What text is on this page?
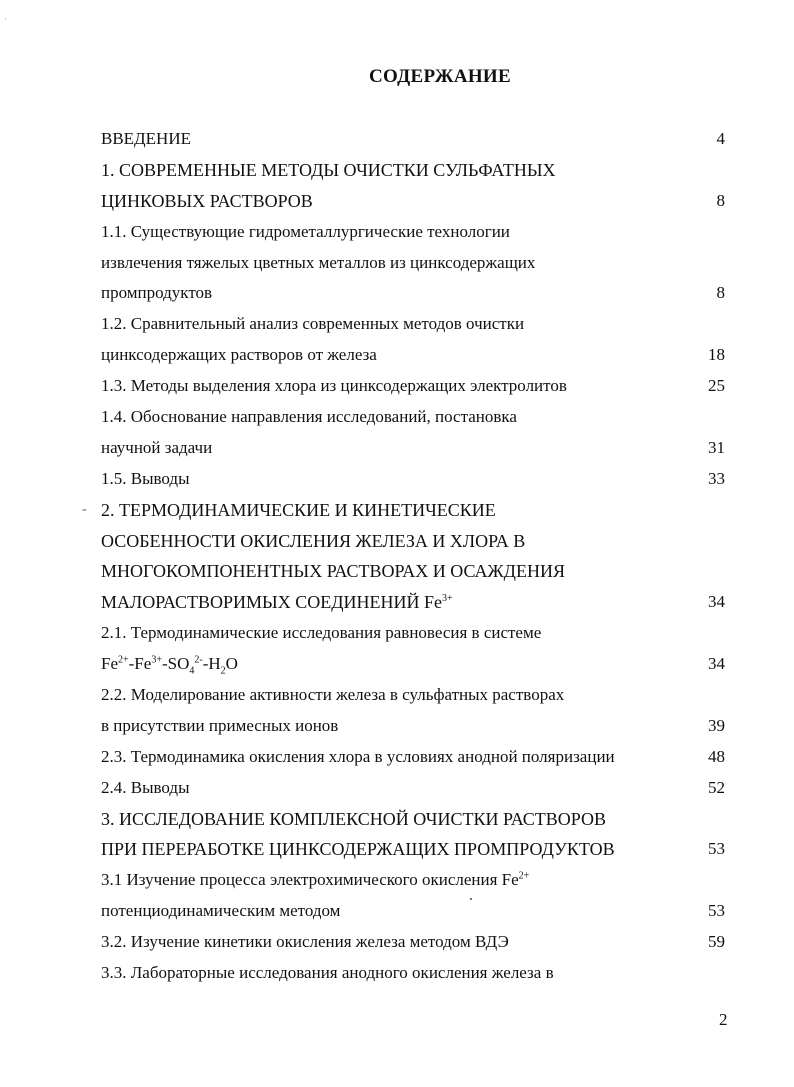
'
СОДЕРЖАНИЕ
-
ВВЕДЕНИЕ	4
1. СОВРЕМЕННЫЕ МЕТОДЫ ОЧИСТКИ СУЛЬФАТНЫХ
ЦИНКОВЫХ РАСТВОРОВ	8
1.1. Существующие гидрометаллургические технологии
извлечения тяжелых цветных металлов из цинксодержащих
промпродуктов	8
1.2. Сравнительный анализ современных методов очистки
цинксодержащих растворов от железа	18
1.3. Методы выделения хлора из цинксодержащих электролитов	25
1.4. Обоснование направления исследований, постановка
научной задачи	31
1.5. Выводы	33
2. ТЕРМОДИНАМИЧЕСКИЕ И КИНЕТИЧЕСКИЕ
ОСОБЕННОСТИ ОКИСЛЕНИЯ ЖЕЛЕЗА И ХЛОРА В
МНОГОКОМПОНЕНТНЫХ РАСТВОРАХ И ОСАЖДЕНИЯ
МАЛОРАСТВОРИМЫХ СОЕДИНЕНИЙ $Fe^{3+}$	34
2.1. Термодинамические исследования равновесия в системе
$Fe^{2+}-Fe^{3+}-SO_4^{2-}-H_2O$	34
2.2. Моделирование активности железа в сульфатных растворах
в присутствии примесных ионов	39
2.3. Термодинамика окисления хлора в условиях анодной поляризации	48
2.4. Выводы	52
3. ИССЛЕДОВАНИЕ КОМПЛЕКСНОЙ ОЧИСТКИ РАСТВОРОВ
ПРИ ПЕРЕРАБОТКЕ ЦИНКСОДЕРЖАЩИХ ПРОМПРОДУКТОВ	53
3.1 Изучение процесса электрохимического окисления $Fe^{2+}$
потенциодинамическим методом	53
3.2. Изучение кинетики окисления железа методом ВДЭ	59
3.3. Лабораторные исследования анодного окисления железа в
2
